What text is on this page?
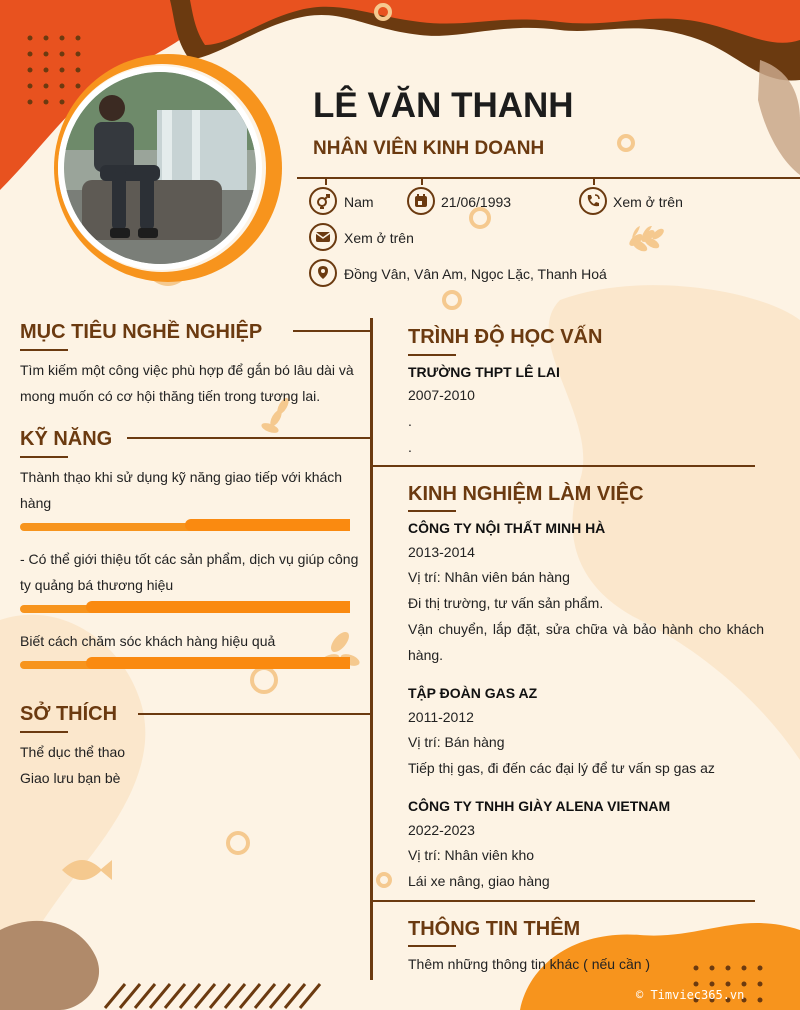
LÊ VĂN THANH
NHÂN VIÊN KINH DOANH
Nam	21/06/1993	Xem ở trên
Xem ở trên
Đồng Vân, Vân Am, Ngọc Lặc, Thanh Hoá
MỤC TIÊU NGHỀ NGHIỆP
Tìm kiếm một công việc phù hợp để gắn bó lâu dài và mong muốn có cơ hội thăng tiến trong tương lai.
KỸ NĂNG
Thành thạo khi sử dụng kỹ năng giao tiếp với khách hàng
- Có thể giới thiệu tốt các sản phẩm, dịch vụ giúp công ty quảng bá thương hiệu
Biết cách chăm sóc khách hàng hiệu quả
SỞ THÍCH
Thể dục thể thao
Giao lưu bạn bè
TRÌNH ĐỘ HỌC VẤN
TRƯỜNG THPT LÊ LAI
2007-2010
.
.
KINH NGHIỆM LÀM VIỆC
CÔNG TY NỘI THẤT MINH HÀ
2013-2014
Vị trí: Nhân viên bán hàng
Đi thị trường, tư vấn sản phẩm.
Vận chuyển, lắp đặt, sửa chữa và bảo hành cho khách hàng.
TẬP ĐOÀN GAS AZ
2011-2012
Vị trí: Bán hàng
Tiếp thị gas, đi đến các đại lý để tư vấn sp gas az
CÔNG TY TNHH GIÀY ALENA VIETNAM
2022-2023
Vị trí: Nhân viên kho
Lái xe nâng, giao hàng
THÔNG TIN THÊM
Thêm những thông tin khác ( nếu cần )
© Timviec365.vn
